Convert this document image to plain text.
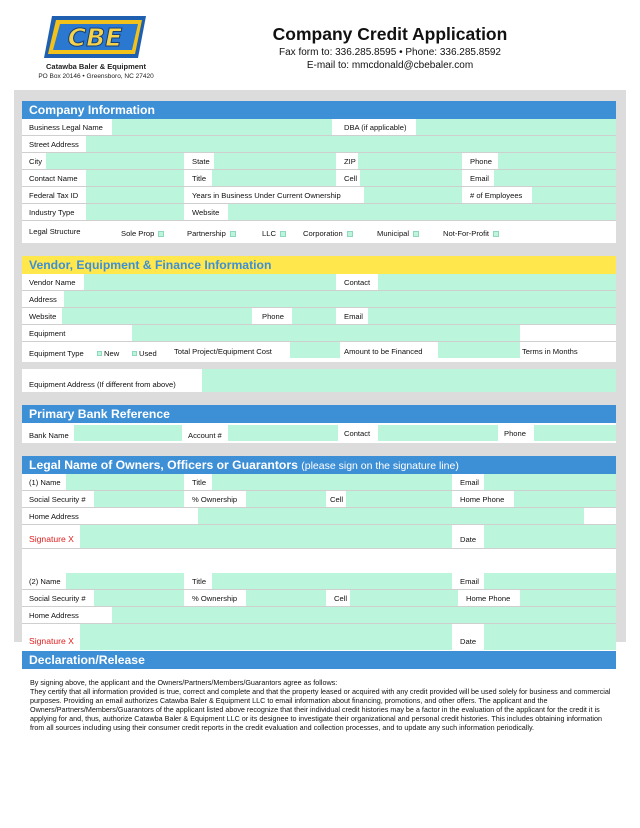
CBE
Catawba Baler & Equipment
PO Box 20146 • Greensboro, NC 27420
Company Credit Application
Fax form to: 336.285.8595 • Phone: 336.285.8592
E-mail to: mmcdonald@cbebaler.com
Company Information
Business Legal Name	DBA (if applicable)
Street Address
City	State	ZIP	Phone
Contact Name	Title	Cell	Email
Federal Tax ID	Years in Business Under Current Ownership	# of Employees
Industry Type	Website
Legal Structure	Sole Prop	Partnership	LLC	Corporation	Municipal	Not-For-Profit
Vendor, Equipment & Finance Information
Vendor Name	Contact
Address
Website	Phone	Email
Equipment
Equipment Type	New	Used Total Project/Equipment Cost	Amount to be Financed	Terms in Months
Equipment Address (If different from above)
Primary Bank Reference
Bank Name	Account #	Contact	Phone
Legal Name of Owners, Officers or Guarantors (please sign on the signature line)
(1) Name	Title	Email
Social Security #	% Ownership	Cell	Home Phone
Home Address
Signature X	Date
(2) Name	Title	Email
Social Security #	% Ownership	Cell	Home Phone
Home Address
Signature X	Date
Declaration/Release
By signing above, the applicant and the Owners/Partners/Members/Guarantors agree as follows:
They certify that all information provided is true, correct and complete and that the property leased or acquired with any credit provided will be used solely for business and commercial purposes. Providing an email authorizes Catawba Baler & Equipment LLC to email information about financing, promotions, and other offers. The applicant and the Owners/Partners/Members/Guarantors of the applicant listed above recognize that their individual credit histories may be a factor in the evaluation of the applicant for the credit it is applying for and, thus, authorize Catawba Baler & Equipment LLC or its designee to investigate their organizational and personal credit histories. This includes obtaining information from all sources including using their consumer credit reports in the credit evaluation and collection processes, and to update any such information periodically.
